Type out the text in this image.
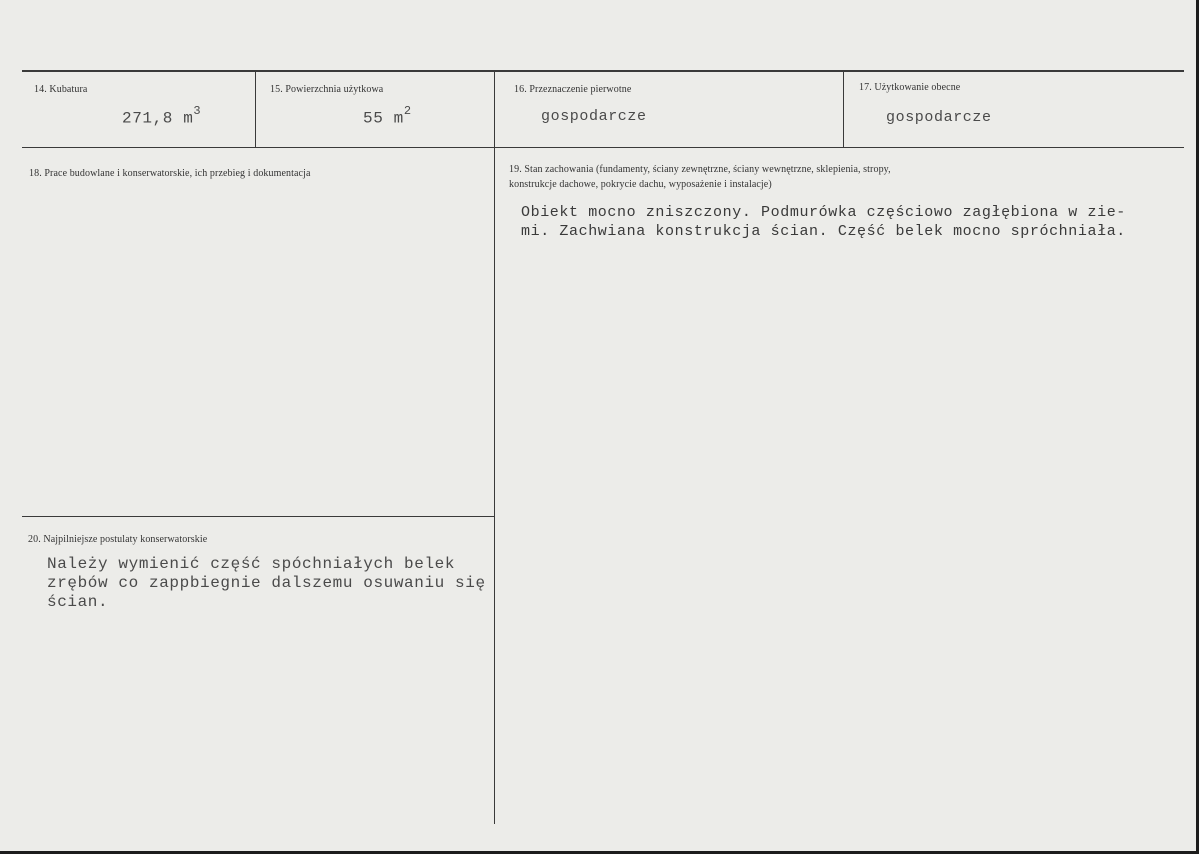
14. Kubatura
271,8 $m^3$
15. Powierzchnia użytkowa
55 $m^2$
16. Przeznaczenie pierwotne
gospodarcze
17. Użytkowanie obecne
gospodarcze
18. Prace budowlane i konserwatorskie, ich przebieg i dokumentacja	19. Stan zachowania (fundamenty, ściany zewnętrzne, ściany wewnętrzne, sklepienia, stropy,
konstrukcje dachowe, pokrycie dachu, wyposażenie i instalacje)
Obiekt mocno zniszczony. Podmurówka częściowo zagłębiona w zie-
mi. Zachwiana konstrukcja ścian. Część belek mocno spróchniała.
20. Najpilniejsze postulaty konserwatorskie
Należy wymienić część spóchniałych belek
zrębów co zappbiegnie dalszemu osuwaniu się
ścian.
